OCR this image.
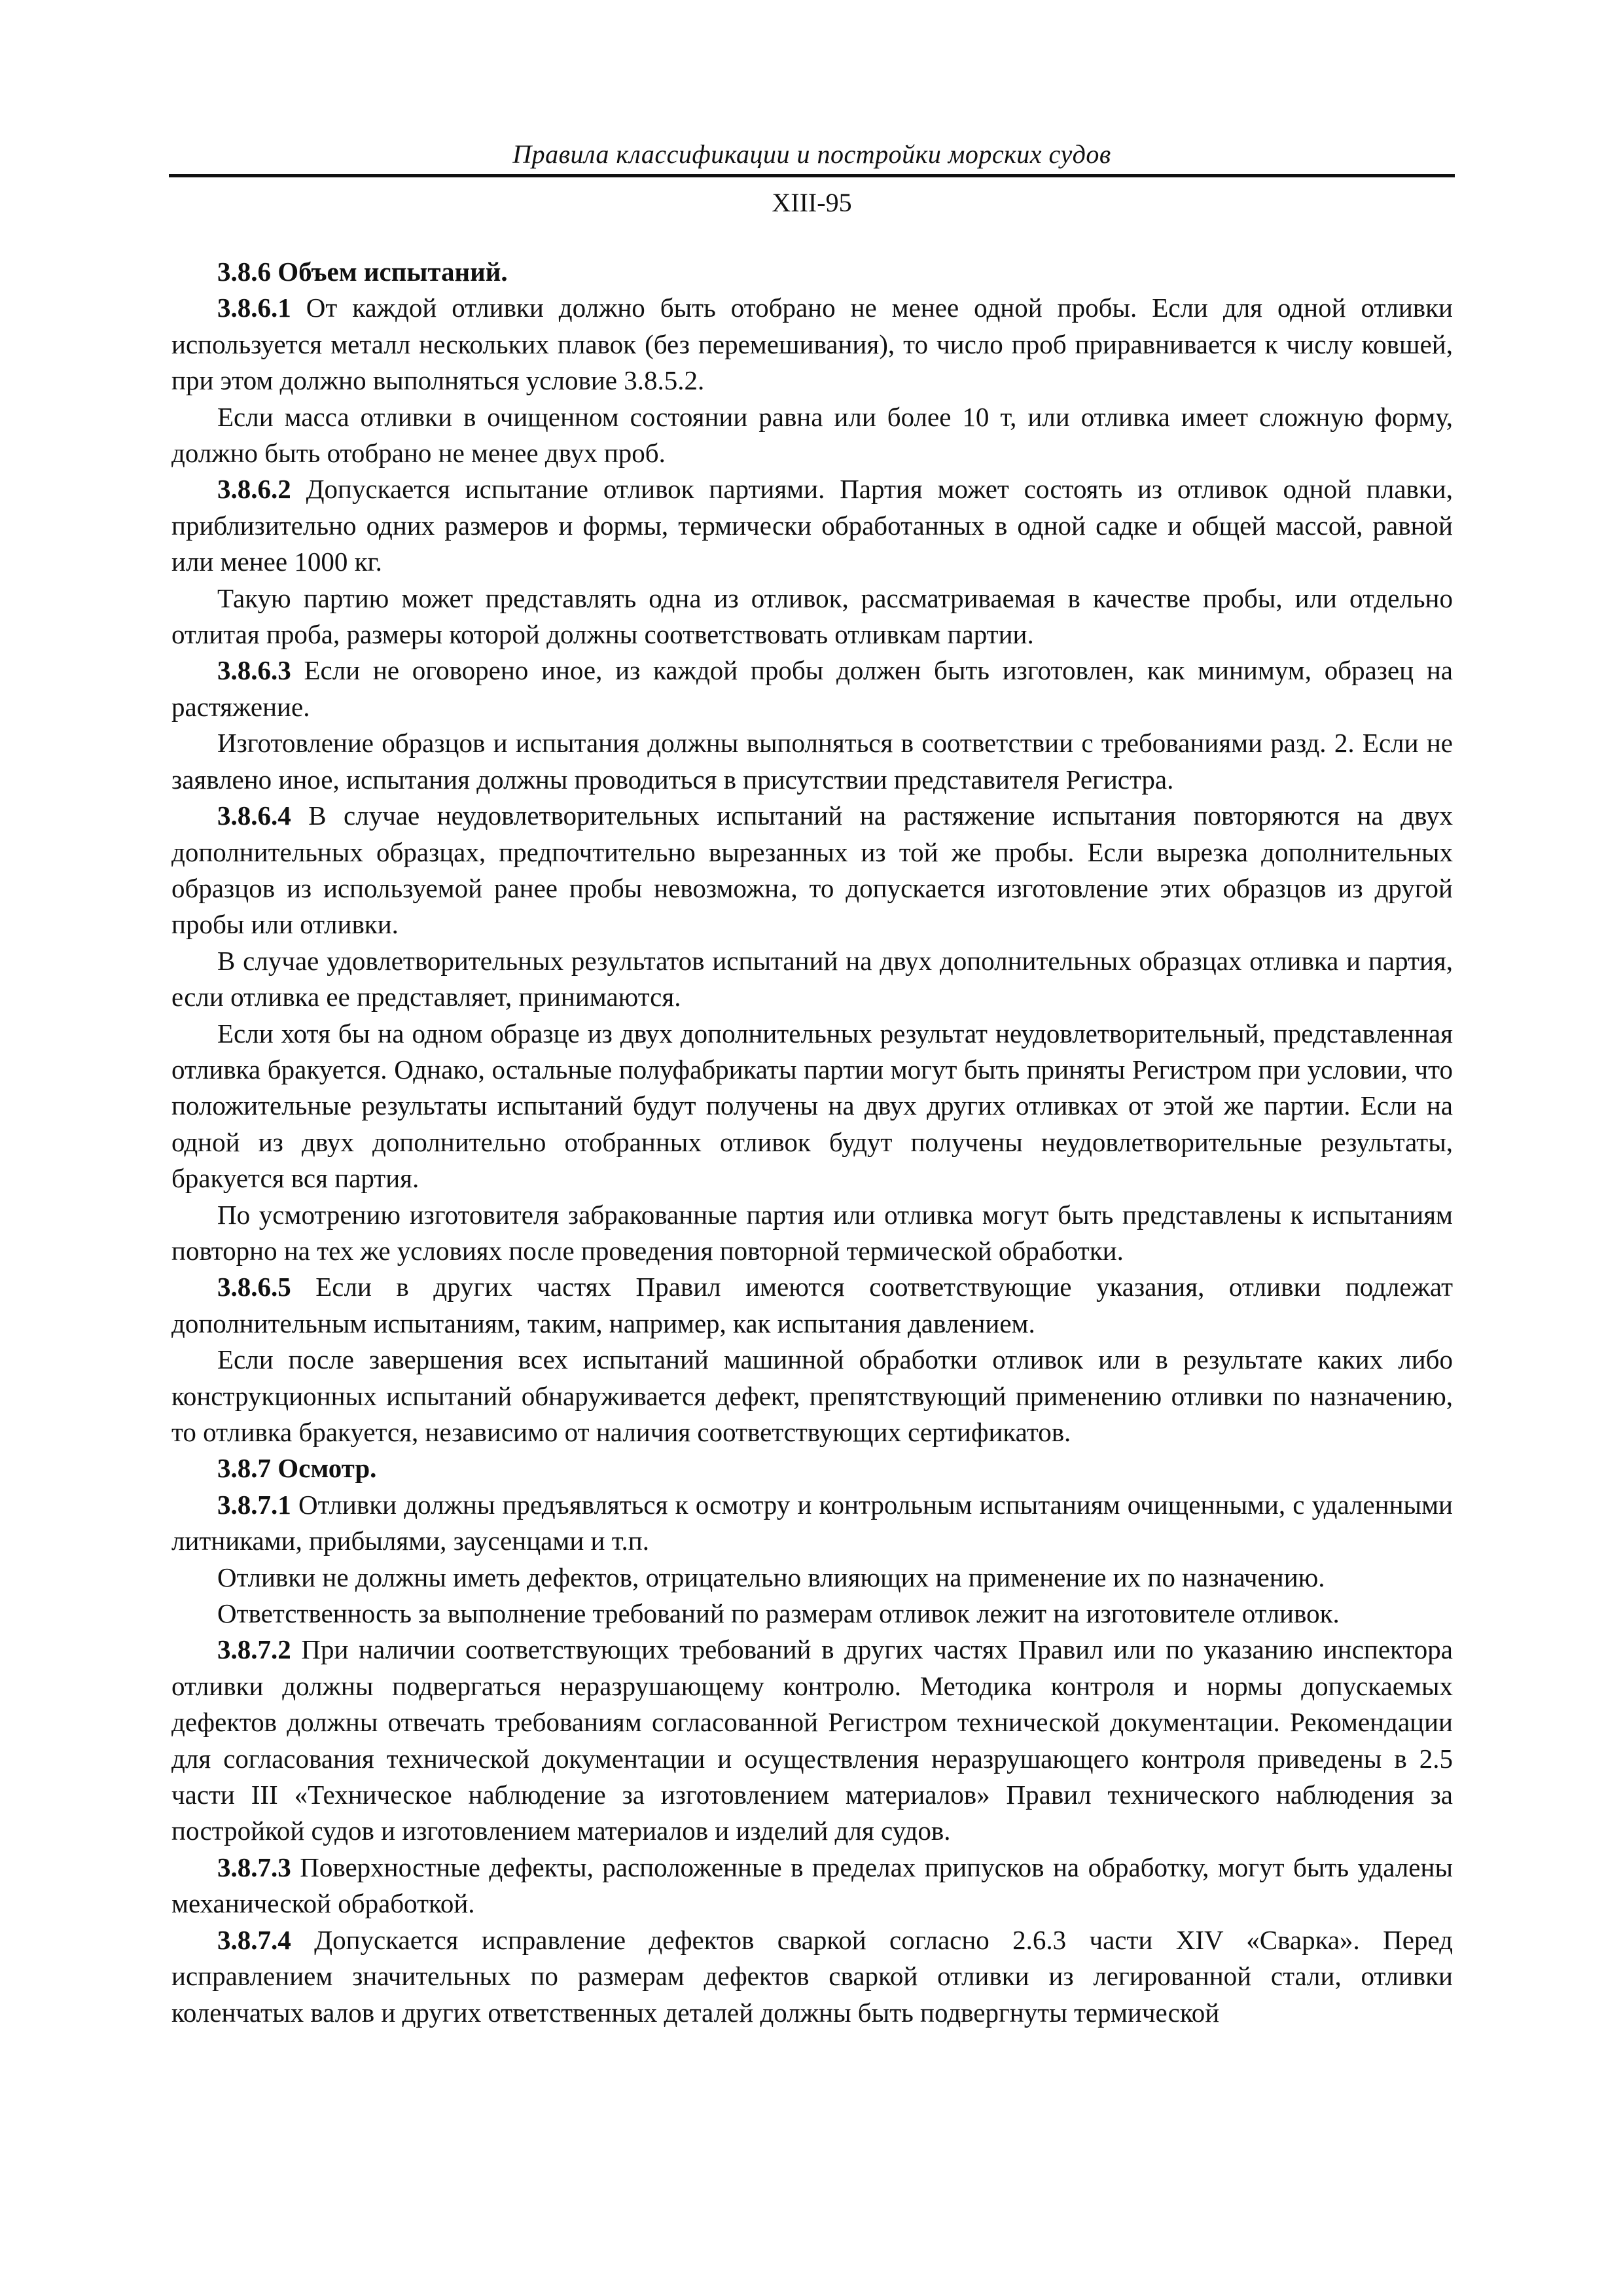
Правила классификации и постройки морских судов
XIII-95

3.8.6 Объем испытаний.

3.8.6.1 От каждой отливки должно быть отобрано не менее одной пробы. Если для одной отливки используется металл нескольких плавок (без перемешивания), то число проб приравнивается к числу ковшей, при этом должно выполняться условие 3.8.5.2.

Если масса отливки в очищенном состоянии равна или более 10 т, или отливка имеет сложную форму, должно быть отобрано не менее двух проб.

3.8.6.2 Допускается испытание отливок партиями. Партия может состоять из отливок одной плавки, приблизительно одних размеров и формы, термически обработанных в одной садке и общей массой, равной или менее 1000 кг.

Такую партию может представлять одна из отливок, рассматриваемая в качестве пробы, или отдельно отлитая проба, размеры которой должны соответствовать отливкам партии.

3.8.6.3 Если не оговорено иное, из каждой пробы должен быть изготовлен, как минимум, образец на растяжение.

Изготовление образцов и испытания должны выполняться в соответствии с требованиями разд. 2. Если не заявлено иное, испытания должны проводиться в присутствии представителя Регистра.

3.8.6.4 В случае неудовлетворительных испытаний на растяжение испытания повторяются на двух дополнительных образцах, предпочтительно вырезанных из той же пробы. Если вырезка дополнительных образцов из используемой ранее пробы невозможна, то допускается изготовление этих образцов из другой пробы или отливки.

В случае удовлетворительных результатов испытаний на двух дополнительных образцах отливка и партия, если отливка ее представляет, принимаются.

Если хотя бы на одном образце из двух дополнительных результат неудовлетворительный, представленная отливка бракуется. Однако, остальные полуфабрикаты партии могут быть приняты Регистром при условии, что положительные результаты испытаний будут получены на двух других отливках от этой же партии. Если на одной из двух дополнительно отобранных отливок будут получены неудовлетворительные результаты, бракуется вся партия.

По усмотрению изготовителя забракованные партия или отливка могут быть представлены к испытаниям повторно на тех же условиях после проведения повторной термической обработки.

3.8.6.5 Если в других частях Правил имеются соответствующие указания, отливки подлежат дополнительным испытаниям, таким, например, как испытания давлением.

Если после завершения всех испытаний машинной обработки отливок или в результате каких либо конструкционных испытаний обнаруживается дефект, препятствующий применению отливки по назначению, то отливка бракуется, независимо от наличия соответствующих сертификатов.

3.8.7 Осмотр.

3.8.7.1 Отливки должны предъявляться к осмотру и контрольным испытаниям очищенными, с удаленными литниками, прибылями, заусенцами и т.п.

Отливки не должны иметь дефектов, отрицательно влияющих на применение их по назначению.

Ответственность за выполнение требований по размерам отливок лежит на изготовителе отливок.

3.8.7.2 При наличии соответствующих требований в других частях Правил или по указанию инспектора отливки должны подвергаться неразрушающему контролю. Методика контроля и нормы допускаемых дефектов должны отвечать требованиям согласованной Регистром технической документации. Рекомендации для согласования технической документации и осуществления неразрушающего контроля приведены в 2.5 части III «Техническое наблюдение за изготовлением материалов» Правил технического наблюдения за постройкой судов и изготовлением материалов и изделий для судов.

3.8.7.3 Поверхностные дефекты, расположенные в пределах припусков на обработку, могут быть удалены механической обработкой.

3.8.7.4 Допускается исправление дефектов сваркой согласно 2.6.3 части XIV «Сварка». Перед исправлением значительных по размерам дефектов сваркой отливки из легированной стали, отливки коленчатых валов и других ответственных деталей должны быть подвергнуты термической
